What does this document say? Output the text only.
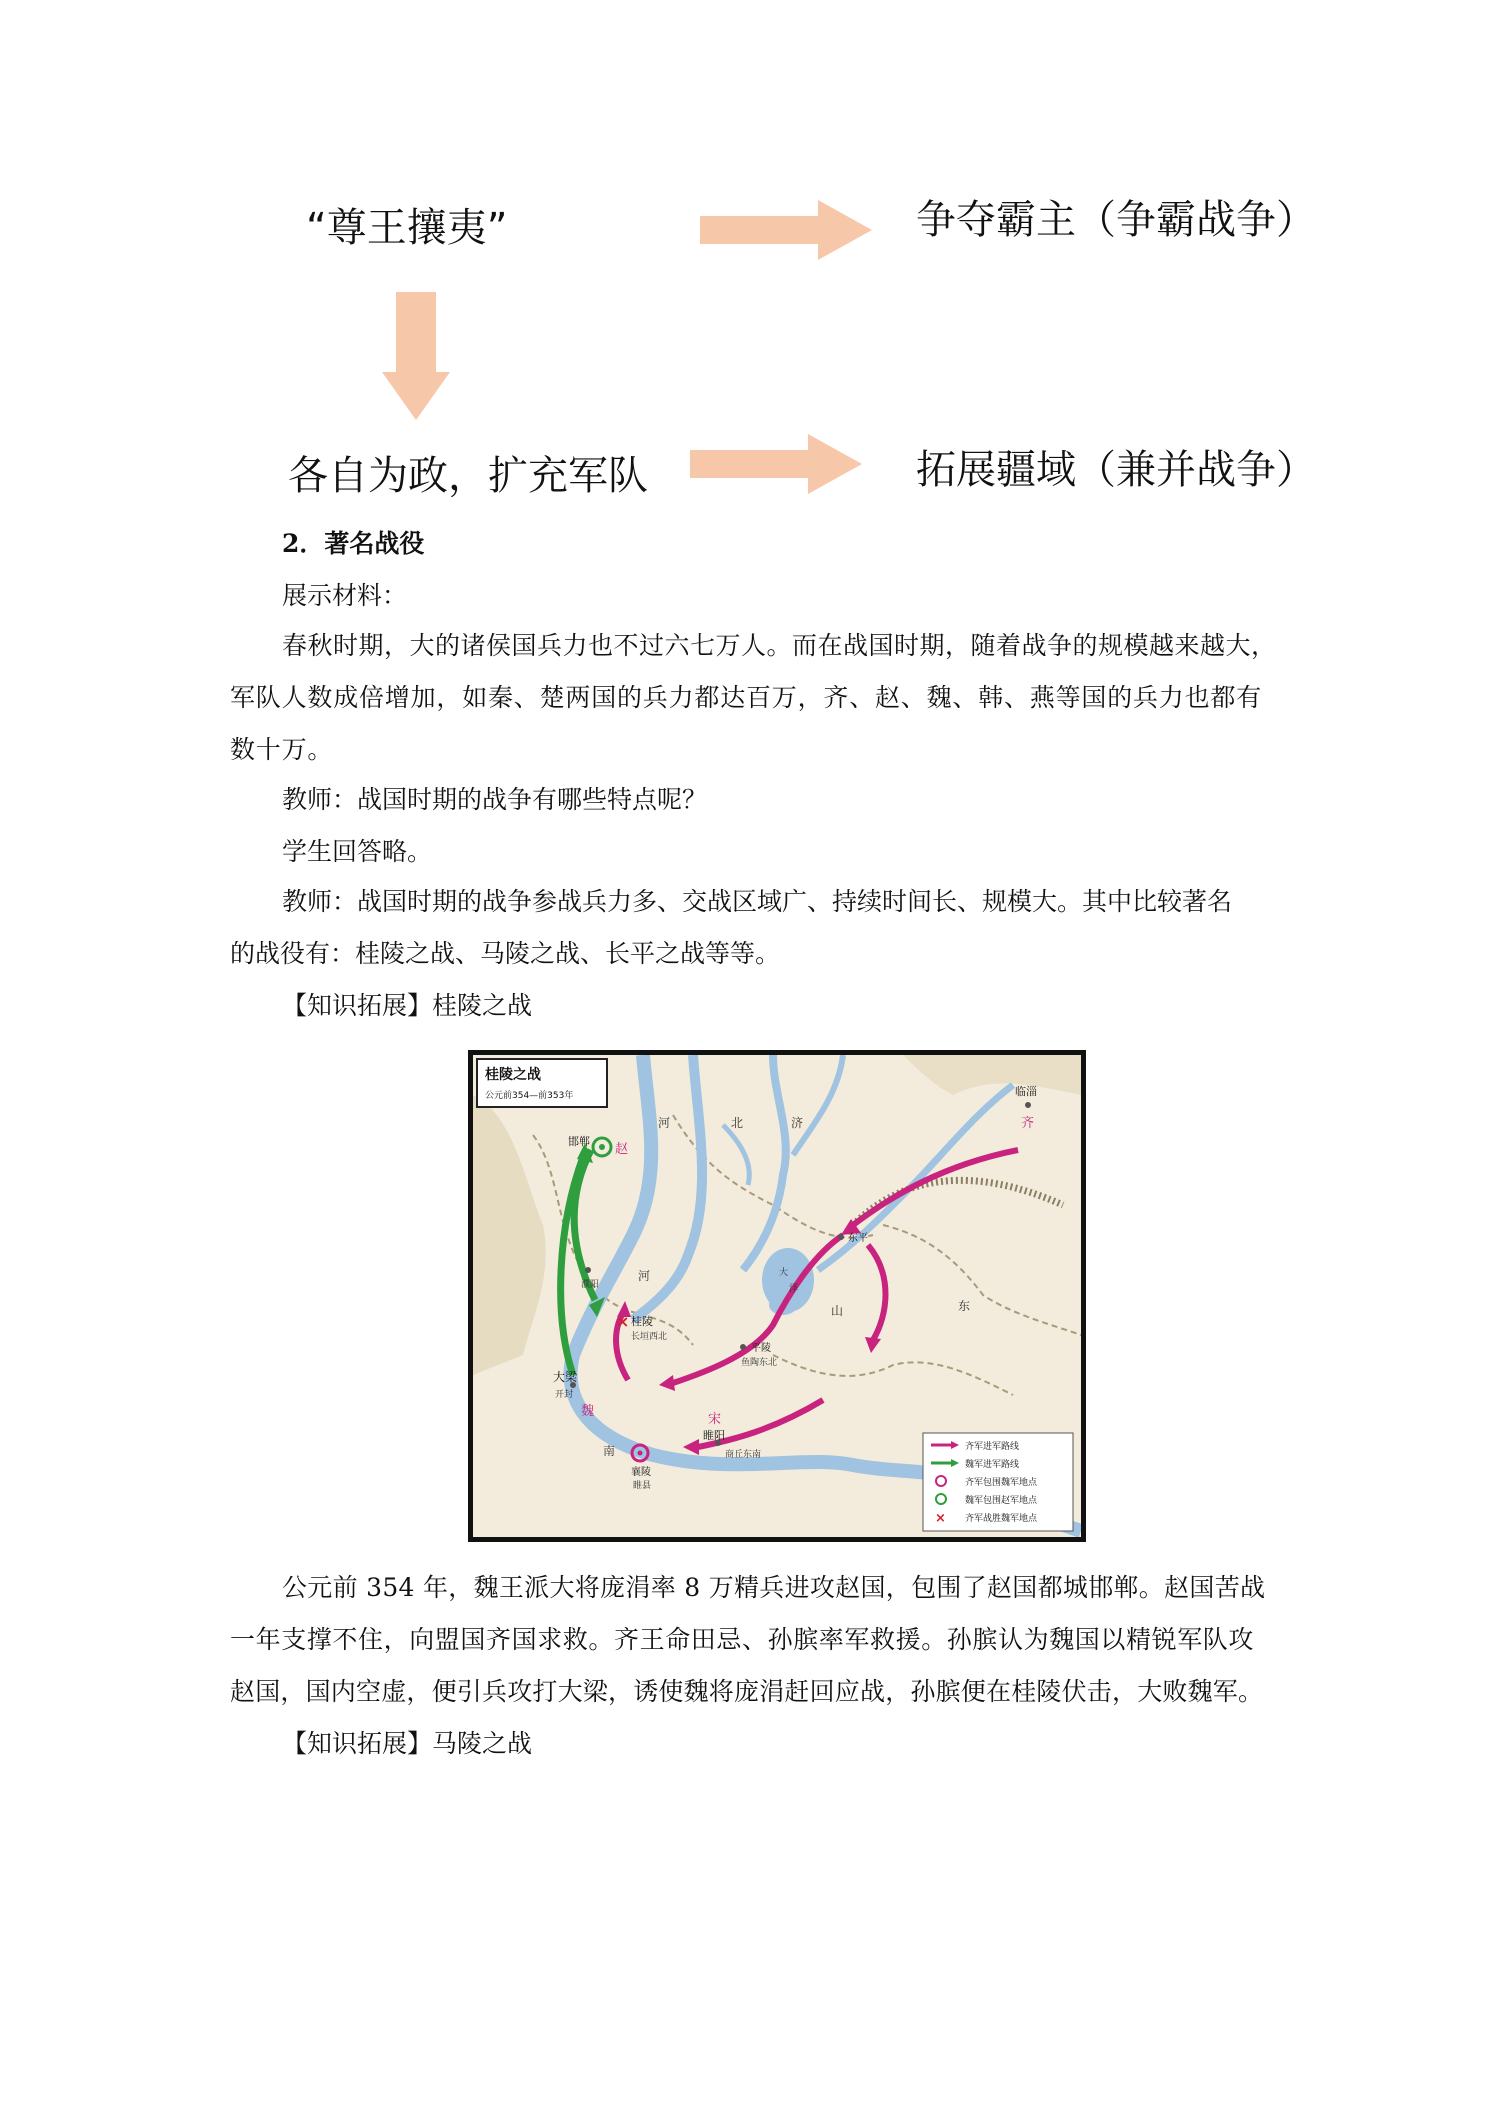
“尊王攘夷”	争夺霸主（争霸战争）
各自为政，扩充军队	拓展疆域（兼并战争）
2．著名战役
展示材料：
春秋时期，大的诸侯国兵力也不过六七万人。而在战国时期，随着战争的规模越来越大，
军队人数成倍增加，如秦、楚两国的兵力都达百万，齐、赵、魏、韩、燕等国的兵力也都有
数十万。
教师：战国时期的战争有哪些特点呢？
学生回答略。
教师：战国时期的战争参战兵力多、交战区域广、持续时间长、规模大。其中比较著名
的战役有：桂陵之战、马陵之战、长平之战等等。
【知识拓展】桂陵之战
桂陵之战
公元前354—前353年
邯郸
赵
临淄
齐
河	北	济
河
山	东
东平
大
泽
濮阳
× 桂陵
长垣西北
平陵
鱼陶东北
大梁
开封
魏
宋
睢阳
商丘东南
襄陵
睢县
南	齐军进军路线
魏军进军路线
齐军包围魏军地点
魏军包围赵军地点
× 齐军战胜魏军地点
公元前 354 年，魏王派大将庞涓率 8 万精兵进攻赵国，包围了赵国都城邯郸。赵国苦战
一年支撑不住，向盟国齐国求救。齐王命田忌、孙膑率军救援。孙膑认为魏国以精锐军队攻
赵国，国内空虚，便引兵攻打大梁，诱使魏将庞涓赶回应战，孙膑便在桂陵伏击，大败魏军。
【知识拓展】马陵之战
